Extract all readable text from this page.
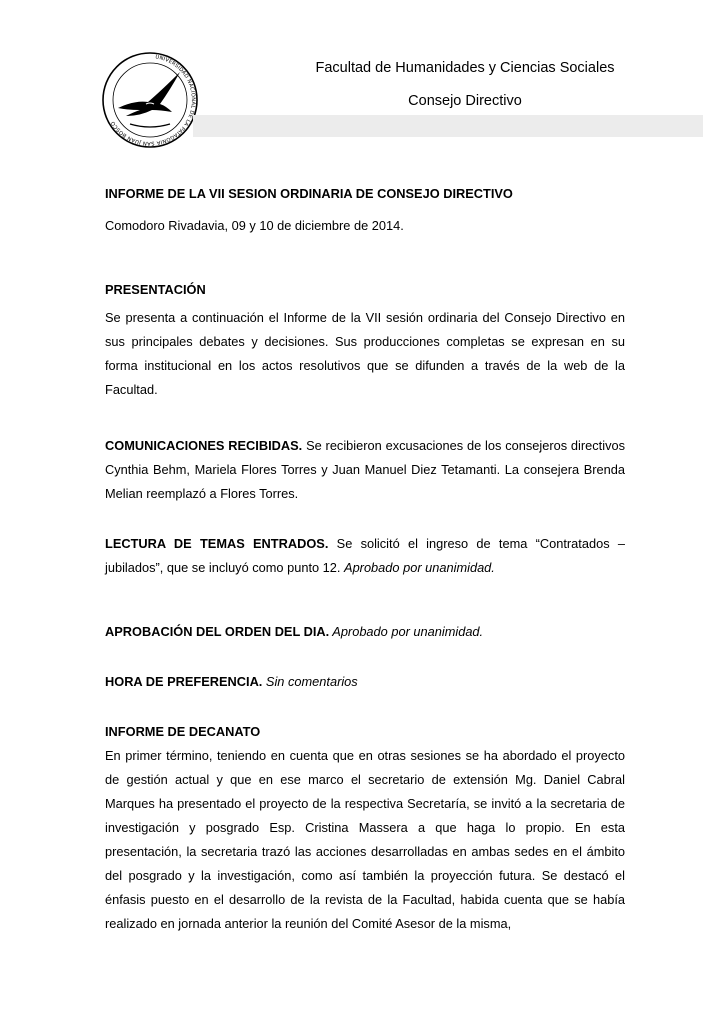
UNIVERSIDAD NACIONAL DE LA PATAGONIA SAN JUAN BOSCO
Facultad de Humanidades y Ciencias Sociales
Consejo Directivo

INFORME DE LA VII SESION ORDINARIA DE CONSEJO DIRECTIVO

Comodoro Rivadavia, 09 y 10 de diciembre de 2014.

PRESENTACIÓN

Se presenta a continuación el Informe de la VII sesión ordinaria del Consejo Directivo en sus principales debates y decisiones. Sus producciones completas se expresan en su forma institucional en los actos resolutivos que se difunden a través de la web de la Facultad.

COMUNICACIONES RECIBIDAS. Se recibieron excusaciones de los consejeros directivos Cynthia Behm, Mariela Flores Torres y Juan Manuel Diez Tetamanti. La consejera Brenda Melian reemplazó a Flores Torres.

LECTURA DE TEMAS ENTRADOS. Se solicitó el ingreso de tema “Contratados – jubilados”, que se incluyó como punto 12. Aprobado por unanimidad.

APROBACIÓN DEL ORDEN DEL DIA. Aprobado por unanimidad.

HORA DE PREFERENCIA. Sin comentarios

INFORME DE DECANATO

En primer término, teniendo en cuenta que en otras sesiones se ha abordado el proyecto de gestión actual y que en ese marco el secretario de extensión Mg. Daniel Cabral Marques ha presentado el proyecto de la respectiva Secretaría, se invitó a la secretaria de investigación y posgrado Esp. Cristina Massera a que haga lo propio. En esta presentación, la secretaria trazó las acciones desarrolladas en ambas sedes en el ámbito del posgrado y la investigación, como así también la proyección futura. Se destacó el énfasis puesto en el desarrollo de la revista de la Facultad, habida cuenta que se había realizado en jornada anterior la reunión del Comité Asesor de la misma,
